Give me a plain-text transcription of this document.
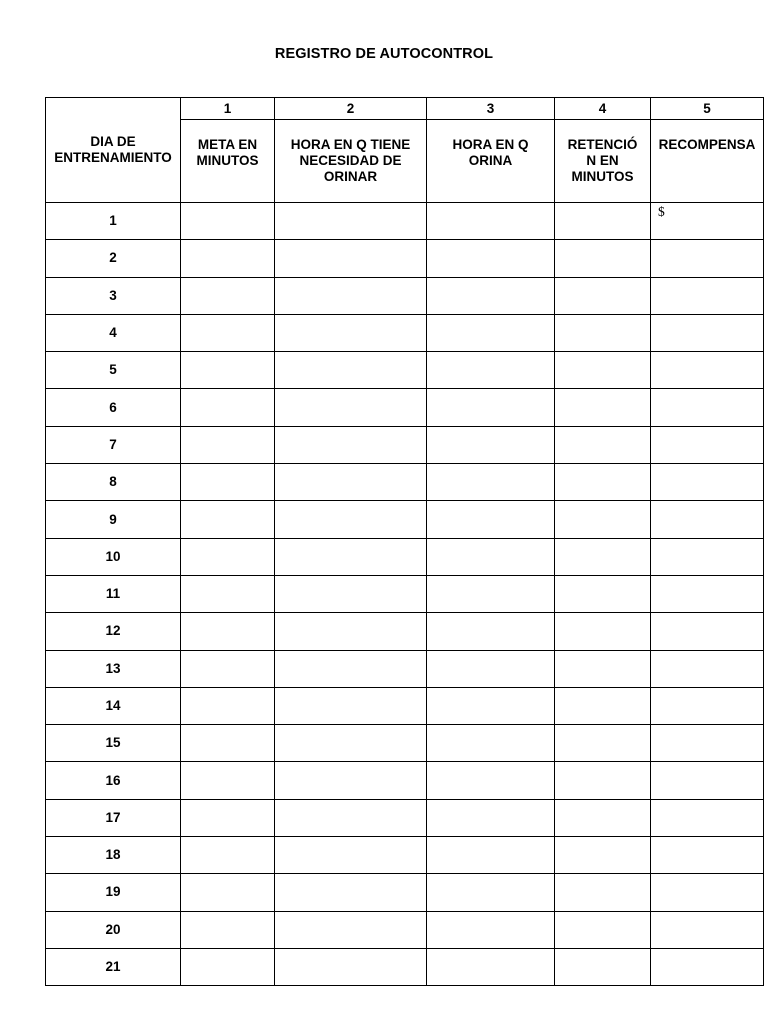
REGISTRO DE AUTOCONTROL
DIA DE
ENTRENAMIENTO	1	2	3	4	5
	META EN
MINUTOS	HORA EN Q TIENE
NECESIDAD DE
ORINAR	HORA EN Q
ORINA	RETENCIÓ
N EN
MINUTOS	RECOMPENSA
1					$
2					
3					
4					
5					
6					
7					
8					
9					
10					
11					
12					
13					
14					
15					
16					
17					
18					
19					
20					
21					
